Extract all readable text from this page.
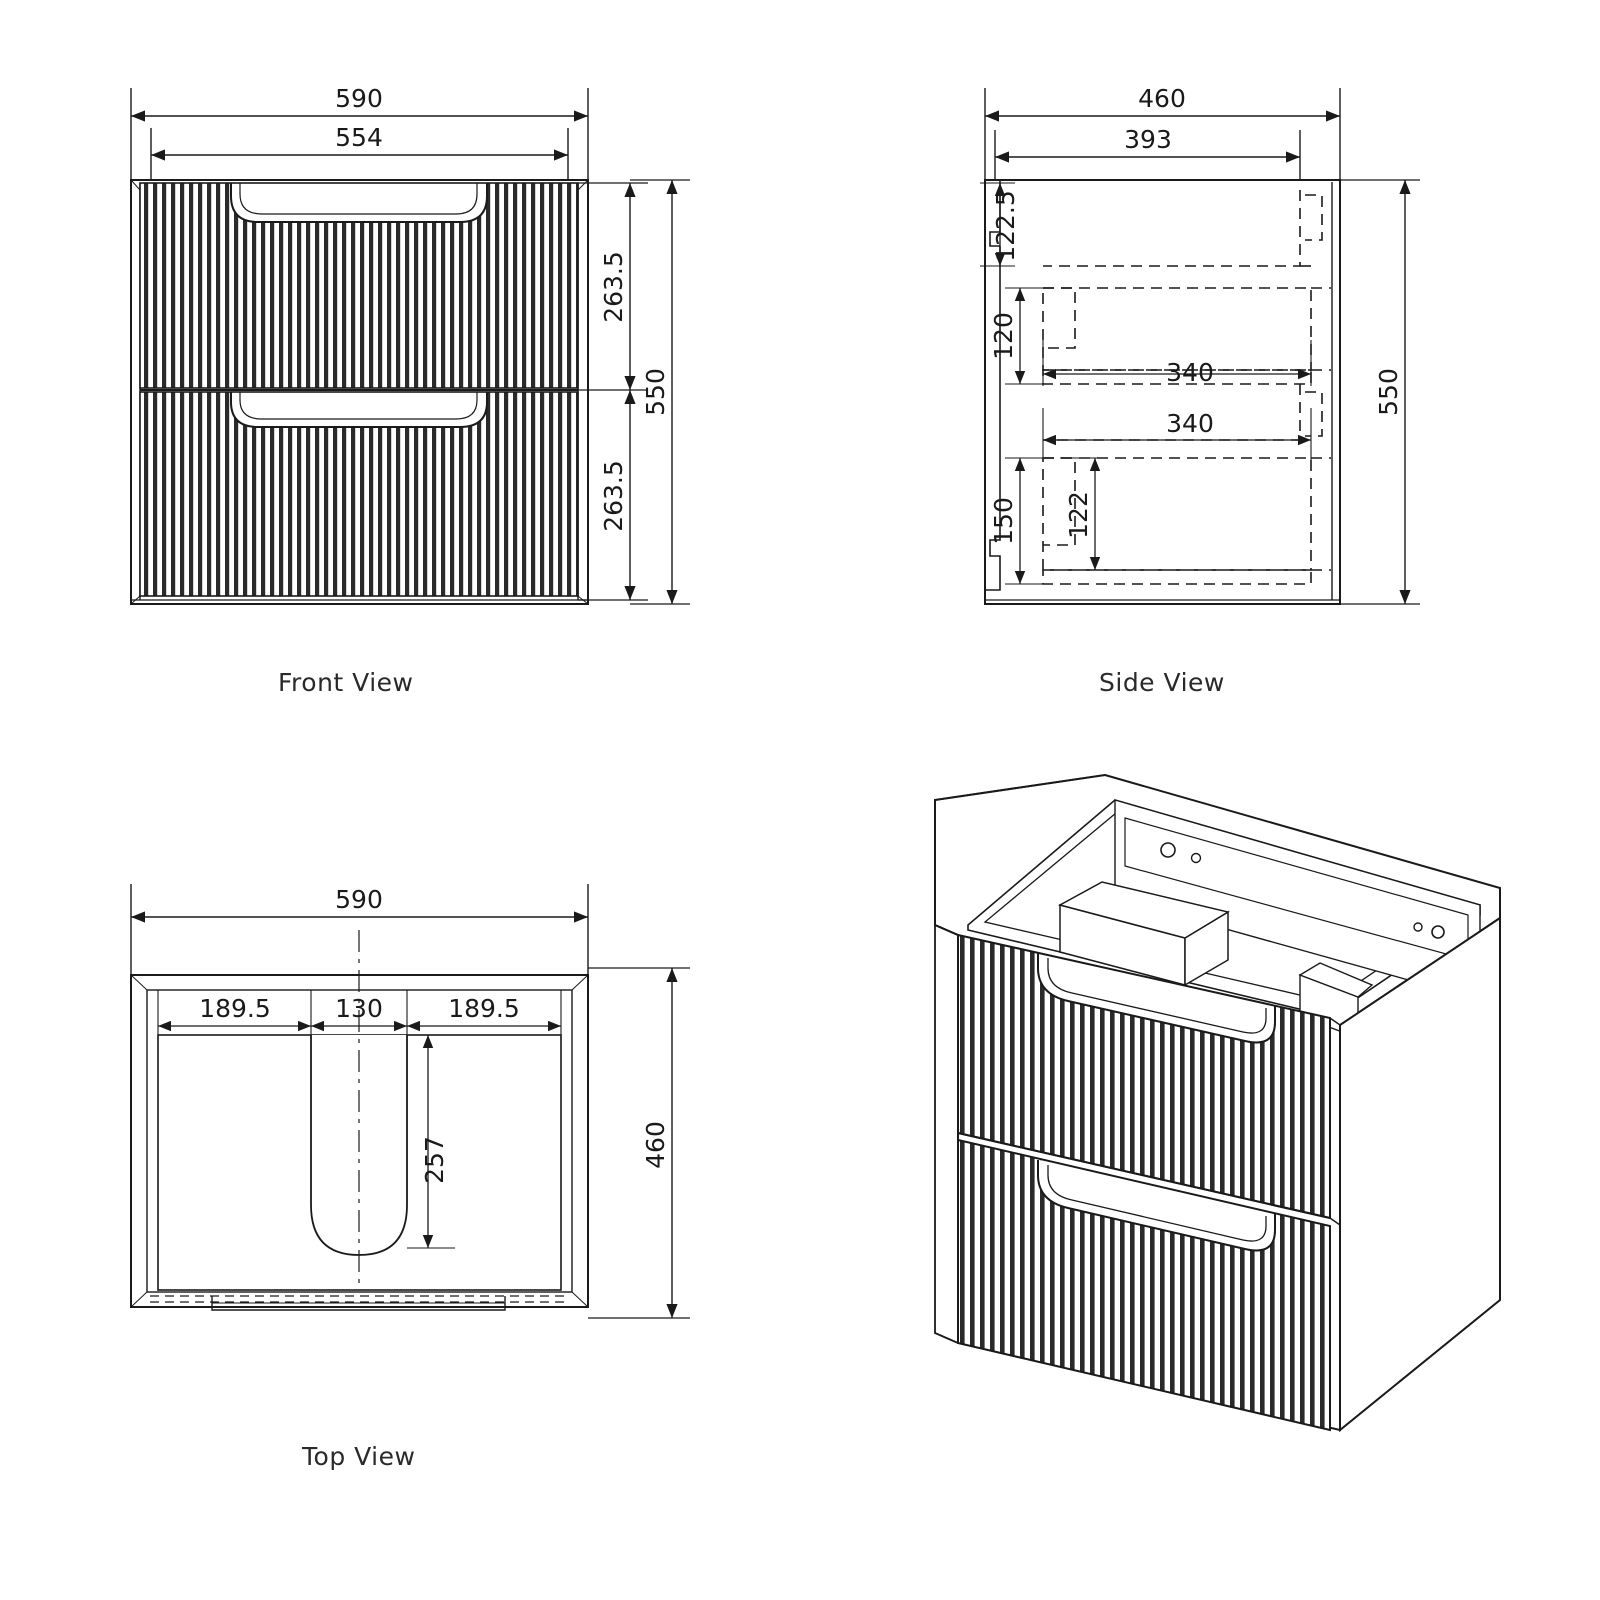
590
554
263.5
263.5
550
460
393
122.5
120
340
340
150 122
550
590
189.5	130	189.5
257	460
Front View	Side View
Top View
